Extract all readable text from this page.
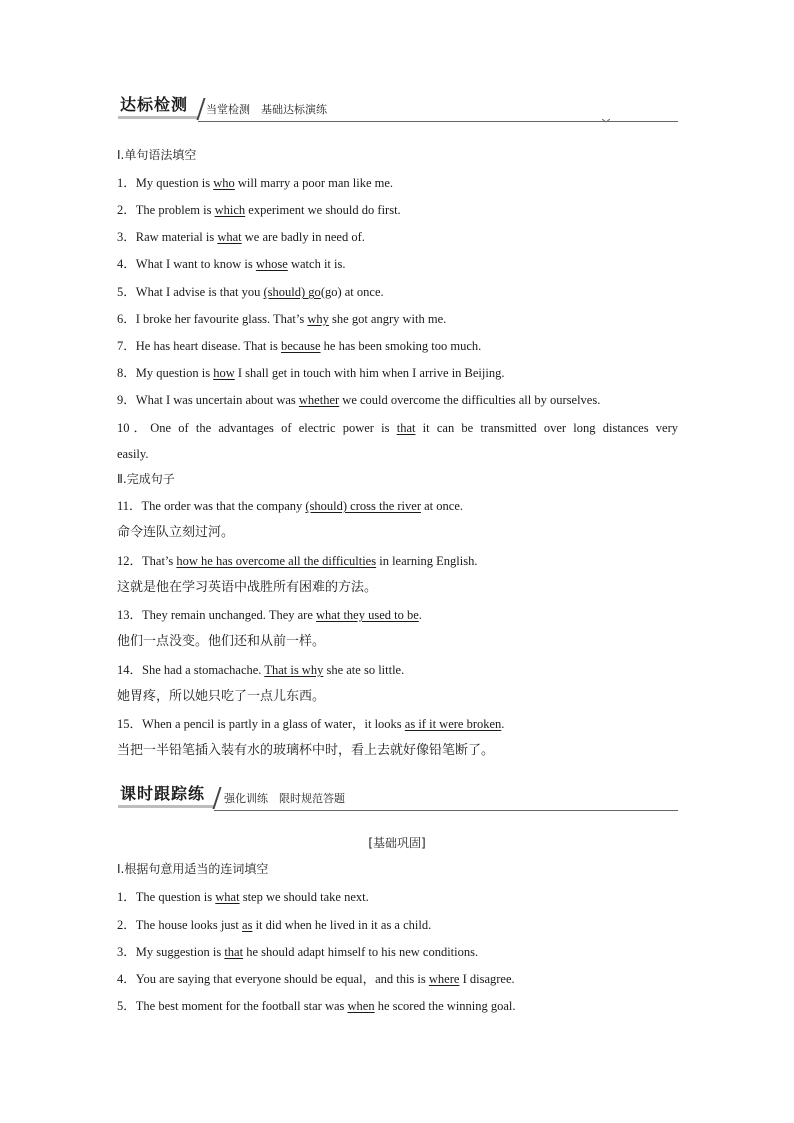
达标检测	当堂检测　基础达标演练
Ⅰ.单句语法填空
1．My question is who will marry a poor man like me.
2．The problem is which experiment we should do first.
3．Raw material is what we are badly in need of.
4．What I want to know is whose watch it is.
5．What I advise is that you (should) go(go) at once.
6．I broke her favourite glass. That’s why she got angry with me.
7．He has heart disease. That is because he has been smoking too much.
8．My question is how I shall get in touch with him when I arrive in Beijing.
9．What I was uncertain about was whether we could overcome the difficulties all by ourselves.
10．One of the advantages of electric power is that it can be transmitted over long distances very
easily.
Ⅱ.完成句子
11．The order was that the company (should) cross the river at once.
命令连队立刻过河。
12．That’s how he has overcome all the difficulties in learning English.
这就是他在学习英语中战胜所有困难的方法。
13．They remain unchanged. They are what they used to be.
他们一点没变。他们还和从前一样。
14．She had a stomachache. That is why she ate so little.
她胃疼，所以她只吃了一点儿东西。
15．When a pencil is partly in a glass of water，it looks as if it were broken.
当把一半铅笔插入装有水的玻璃杯中时，看上去就好像铅笔断了。
课时跟踪练	强化训练　限时规范答题
[基础巩固]
Ⅰ.根据句意用适当的连词填空
1．The question is what step we should take next.
2．The house looks just as it did when he lived in it as a child.
3．My suggestion is that he should adapt himself to his new conditions.
4．You are saying that everyone should be equal，and this is where I disagree.
5．The best moment for the football star was when he scored the winning goal.
